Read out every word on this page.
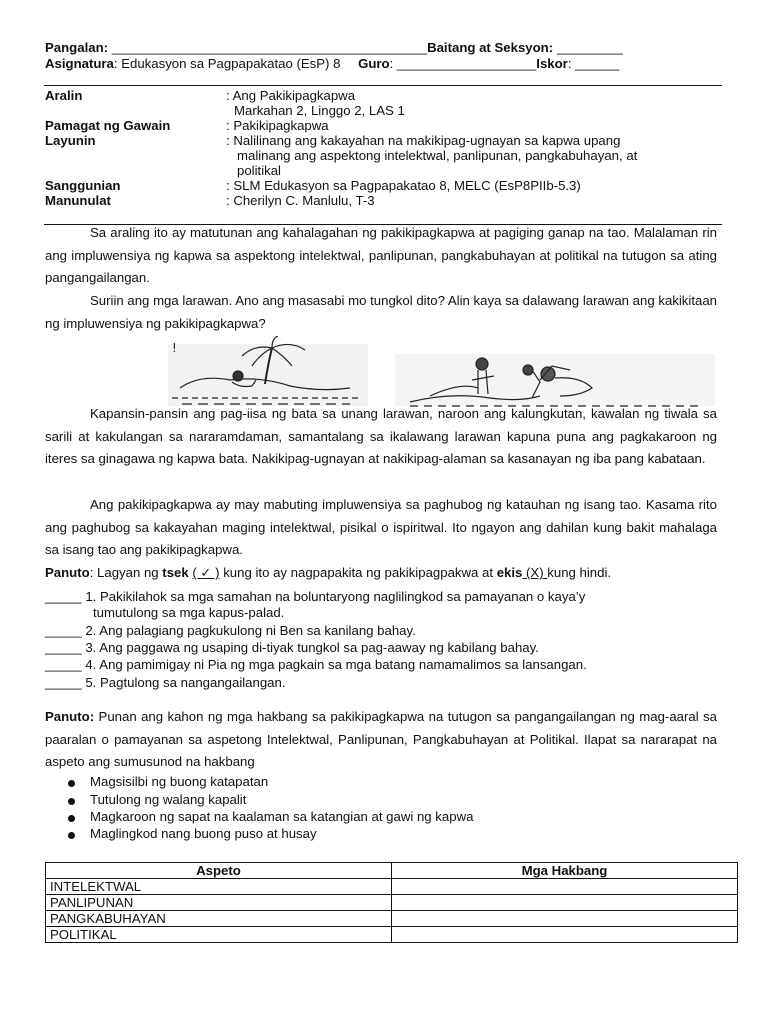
Pangalan: ___________________________________________Baitang at Seksyon: _________
Asignatura: Edukasyon sa Pagpapakatao (EsP) 8 Guro: ___________________Iskor: ______
Aralin	: Ang Pakikipagkapwa
Markahan 2, Linggo 2, LAS 1
Pamagat ng Gawain	: Pakikipagkapwa
Layunin	: Nalilinang ang kakayahan na makikipag-ugnayan sa kapwa upang
malinang ang aspektong intelektwal, panlipunan, pangkabuhayan, at
politikal
Sanggunian	: SLM Edukasyon sa Pagpapakatao 8, MELC (EsP8PIIb-5.3)
Manunulat	: Cherilyn C. Manlulu, T-3
Sa araling ito ay matutunan ang kahalagahan ng pakikipagkapwa at pagiging ganap na tao. Malalaman rin ang impluwensiya ng kapwa sa aspektong intelektwal, panlipunan, pangkabuhayan at politikal na tutugon sa ating pangangailangan.
Suriin ang mga larawan. Ano ang masasabi mo tungkol dito? Alin kaya sa dalawang larawan ang kakikitaan ng impluwensiya ng pakikipagkapwa?
!
Kapansin-pansin ang pag-iisa ng bata sa unang larawan, naroon ang kalungkutan, kawalan ng tiwala sa sarili at kakulangan sa nararamdaman, samantalang sa ikalawang larawan kapuna puna ang pagkakaroon ng iteres sa ginagawa ng kapwa bata. Nakikipag-ugnayan at nakikipag-alaman sa kasanayan ng iba pang kabataan.
Ang pakikipagkapwa ay may mabuting impluwensiya sa paghubog ng katauhan ng isang tao. Kasama rito ang paghubog sa kakayahan maging intelektwal, pisikal o ispiritwal. Ito ngayon ang dahilan kung bakit mahalaga sa isang tao ang pakikipagkapwa.
Panuto: Lagyan ng tsek ( ✓ ) kung ito ay nagpapakita ng pakikipagpakwa at ekis (X) kung hindi.
_____ 1. Pakikilahok sa mga samahan na boluntaryong naglilingkod sa pamayanan o kaya’y
tumutulong sa mga kapus-palad.
_____ 2. Ang palagiang pagkukulong ni Ben sa kanilang bahay.
_____ 3. Ang paggawa ng usaping di-tiyak tungkol sa pag-aaway ng kabilang bahay.
_____ 4. Ang pamimigay ni Pia ng mga pagkain sa mga batang namamalimos sa lansangan.
_____ 5. Pagtulong sa nangangailangan.
Panuto: Punan ang kahon ng mga hakbang sa pakikipagkapwa na tutugon sa pangangailangan ng mag-aaral sa paaralan o pamayanan sa aspetong Intelektwal, Panlipunan, Pangkabuhayan at Politikal. Ilapat sa nararapat na aspeto ang sumusunod na hakbang
Magsisilbi ng buong katapatan
Tutulong ng walang kapalit
Magkaroon ng sapat na kaalaman sa katangian at gawi ng kapwa
Maglingkod nang buong puso at husay
Aspeto	Mga Hakbang
INTELEKTWAL	
PANLIPUNAN	
PANGKABUHAYAN	
POLITIKAL	
